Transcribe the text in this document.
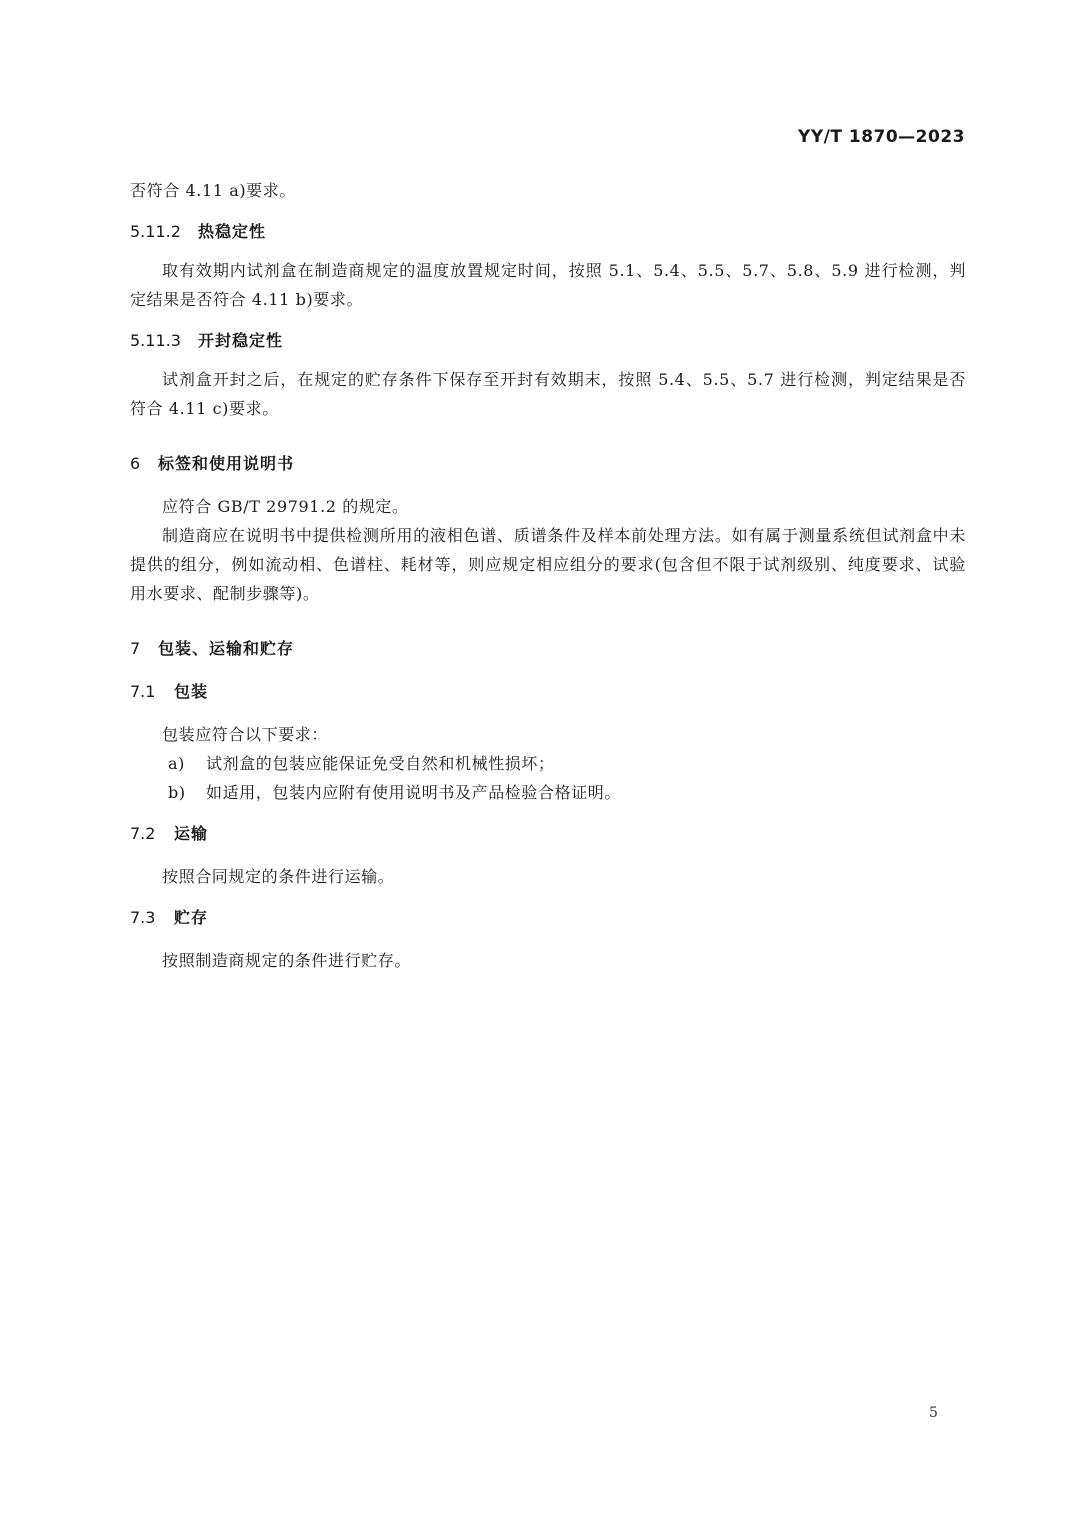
YY/T 1870—2023

否符合 4.11 a)要求。

5.11.2	热稳定性

取有效期内试剂盒在制造商规定的温度放置规定时间，按照 5.1、5.4、5.5、5.7、5.8、5.9 进行检测，判定结果是否符合 4.11 b)要求。

5.11.3	开封稳定性

试剂盒开封之后，在规定的贮存条件下保存至开封有效期末，按照 5.4、5.5、5.7 进行检测，判定结果是否符合 4.11 c)要求。

6	标签和使用说明书

应符合 GB/T 29791.2 的规定。

制造商应在说明书中提供检测所用的液相色谱、质谱条件及样本前处理方法。如有属于测量系统但试剂盒中未提供的组分，例如流动相、色谱柱、耗材等，则应规定相应组分的要求(包含但不限于试剂级别、纯度要求、试验用水要求、配制步骤等)。

7	包装、运输和贮存
7.1	包装

包装应符合以下要求：

a)	试剂盒的包装应能保证免受自然和机械性损坏；
b)	如适用，包装内应附有使用说明书及产品检验合格证明。
7.2	运输

按照合同规定的条件进行运输。

7.3	贮存

按照制造商规定的条件进行贮存。

5
